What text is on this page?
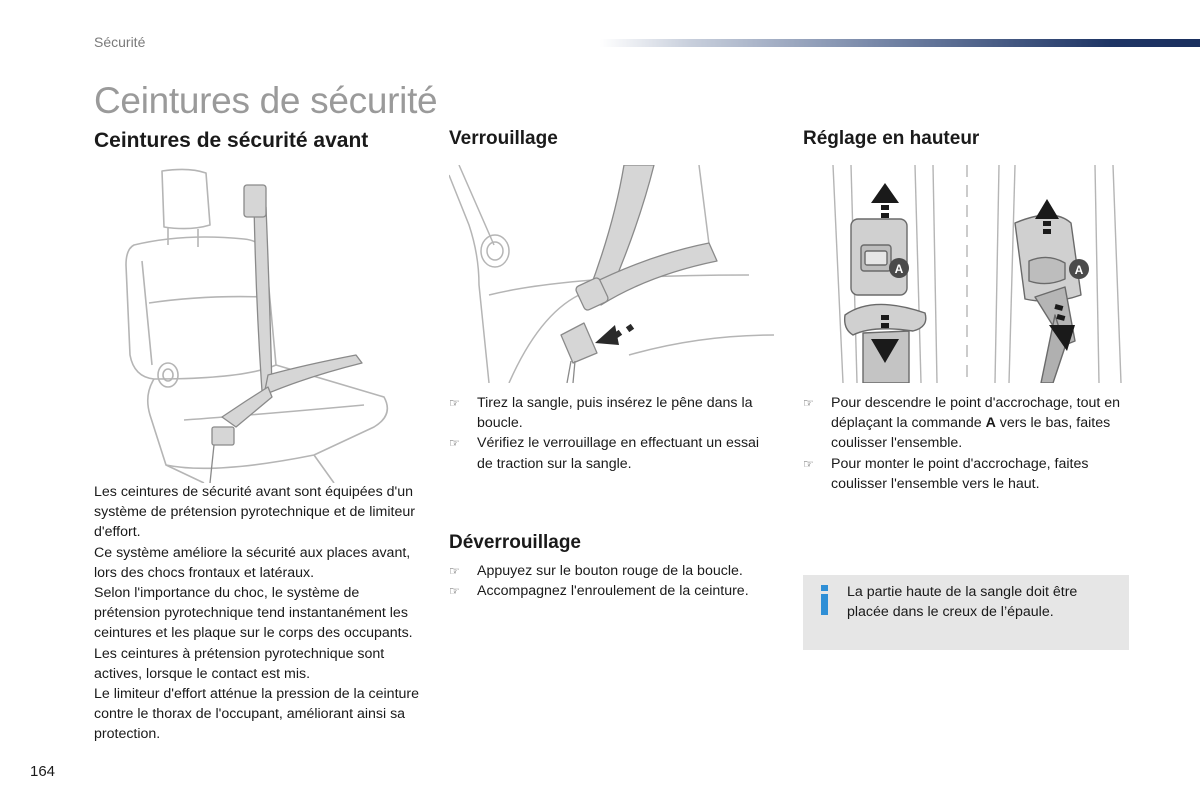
Sécurité
Ceintures de sécurité
Ceintures de sécurité avant

Les ceintures de sécurité avant sont équipées d'un système de prétension pyrotechnique et de limiteur d'effort.

Ce système améliore la sécurité aux places avant, lors des chocs frontaux et latéraux.

Selon l'importance du choc, le système de prétension pyrotechnique tend instantanément les ceintures et les plaque sur le corps des occupants.

Les ceintures à prétension pyrotechnique sont actives, lorsque le contact est mis.

Le limiteur d'effort atténue la pression de la ceinture contre le thorax de l'occupant, améliorant ainsi sa protection.

Verrouillage
☞ Tirez la sangle, puis insérez le pêne dans la boucle.
☞ Vérifiez le verrouillage en effectuant un essai de traction sur la sangle.
Déverrouillage
☞ Appuyez sur le bouton rouge de la boucle.
☞ Accompagnez l'enroulement de la ceinture.
Réglage en hauteur
A	A
☞ Pour descendre le point d'accrochage, tout en déplaçant la commande A vers le bas, faites coulisser l'ensemble.
☞ Pour monter le point d'accrochage, faites coulisser l'ensemble vers le haut.
La partie haute de la sangle doit être placée dans le creux de l’épaule.
164
